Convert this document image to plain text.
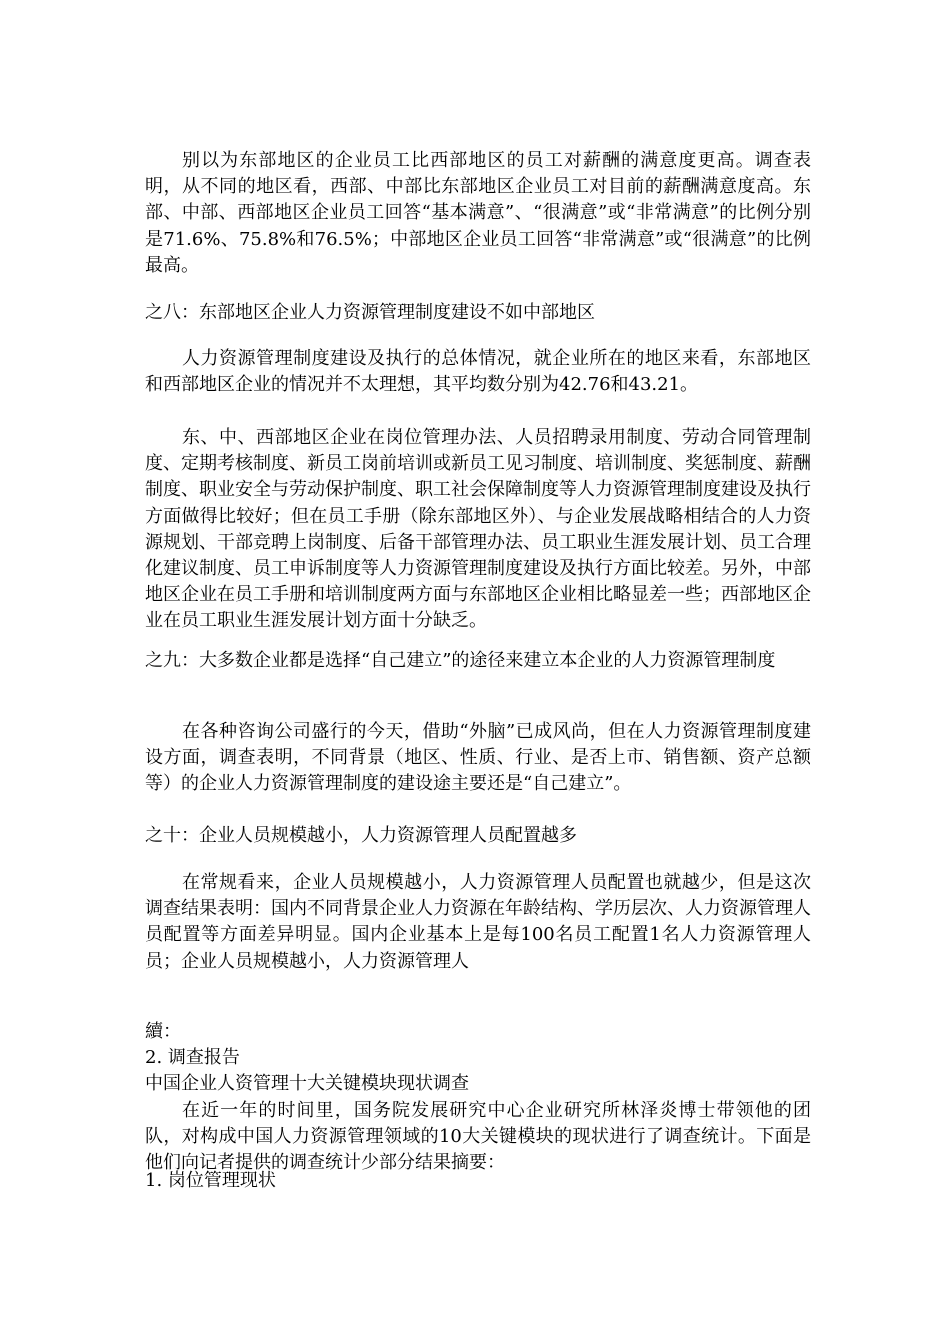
别以为东部地区的企业员工比西部地区的员工对薪酬的满意度更高。调查表明，从不同的地区看，西部、中部比东部地区企业员工对目前的薪酬满意度高。东部、中部、西部地区企业员工回答“基本满意”、“很满意”或“非常满意”的比例分别是71.6%、75.8%和76.5%；中部地区企业员工回答“非常满意”或“很满意”的比例最高。

之八：东部地区企业人力资源管理制度建设不如中部地区

人力资源管理制度建设及执行的总体情况，就企业所在的地区来看，东部地区和西部地区企业的情况并不太理想，其平均数分别为42.76和43.21。

东、中、西部地区企业在岗位管理办法、人员招聘录用制度、劳动合同管理制度、定期考核制度、新员工岗前培训或新员工见习制度、培训制度、奖惩制度、薪酬制度、职业安全与劳动保护制度、职工社会保障制度等人力资源管理制度建设及执行方面做得比较好；但在员工手册（除东部地区外）、与企业发展战略相结合的人力资源规划、干部竞聘上岗制度、后备干部管理办法、员工职业生涯发展计划、员工合理化建议制度、员工申诉制度等人力资源管理制度建设及执行方面比较差。另外，中部地区企业在员工手册和培训制度两方面与东部地区企业相比略显差一些；西部地区企业在员工职业生涯发展计划方面十分缺乏。

之九：大多数企业都是选择“自己建立”的途径来建立本企业的人力资源管理制度

在各种咨询公司盛行的今天，借助“外脑”已成风尚，但在人力资源管理制度建设方面，调查表明，不同背景（地区、性质、行业、是否上市、销售额、资产总额等）的企业人力资源管理制度的建设途主要还是“自己建立”。

之十：企业人员规模越小，人力资源管理人员配置越多

在常规看来，企业人员规模越小，人力资源管理人员配置也就越少，但是这次调查结果表明：国内不同背景企业人力资源在年龄结构、学历层次、人力资源管理人员配置等方面差异明显。国内企业基本上是每100名员工配置1名人力资源管理人员；企业人员规模越小，人力资源管理人

續：

2. 调查报告

中国企业人资管理十大关键模块现状调查

在近一年的时间里，国务院发展研究中心企业研究所林泽炎博士带领他的团队，对构成中国人力资源管理领域的10大关键模块的现状进行了调查统计。下面是他们向记者提供的调查统计少部分结果摘要：

1. 岗位管理现状
